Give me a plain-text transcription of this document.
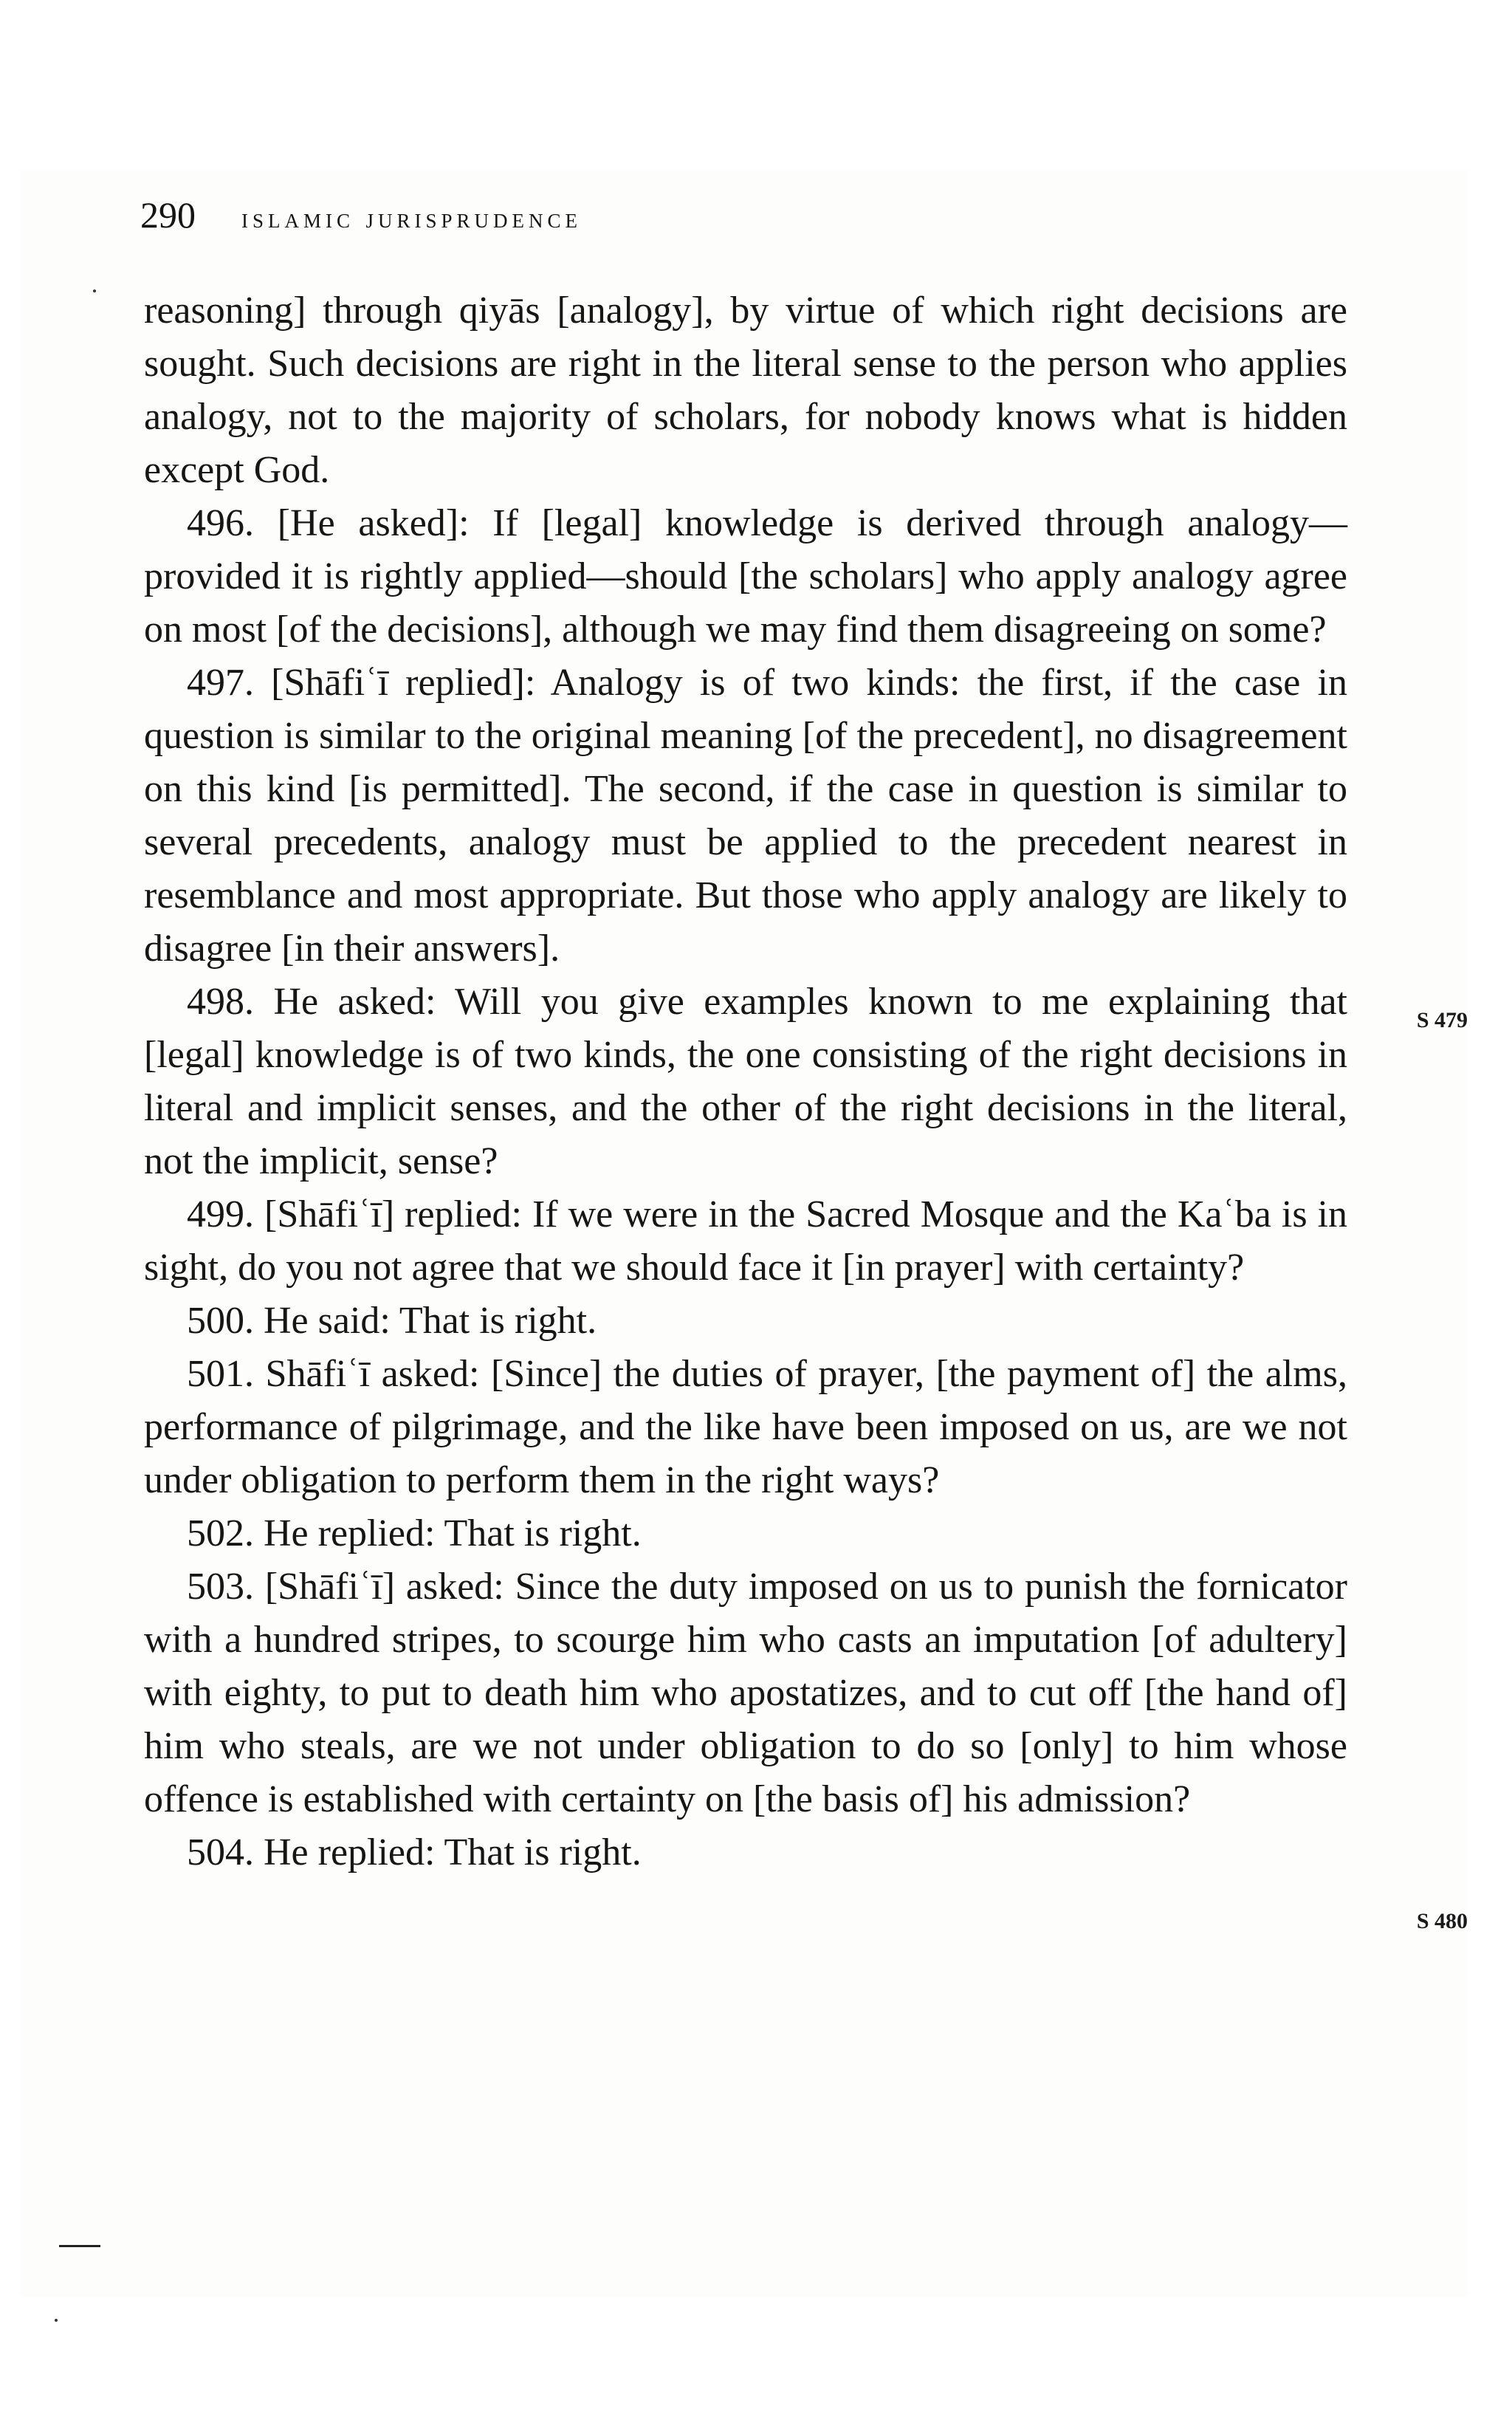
290 islamic jurisprudence

reasoning] through qiyās [analogy], by virtue of which right decisions are sought. Such decisions are right in the literal sense to the person who applies analogy, not to the majority of scholars, for nobody knows what is hidden except God.

496. [He asked]: If [legal] knowledge is derived through analogy—provided it is rightly applied—should [the scholars] who apply analogy agree on most [of the decisions], although we may find them disagreeing on some?

497. [Shāfiʿī replied]: Analogy is of two kinds: the first, if the case in question is similar to the original meaning [of the precedent], no disagreement on this kind [is permitted]. The second, if the case in question is similar to several precedents, analogy must be applied to the precedent nearest in resemblance and most appropriate. But those who apply analogy are likely to disagree [in their answers].

498. He asked: Will you give examples known to me explaining that [legal] knowledge is of two kinds, the one consisting of the right decisions in literal and implicit senses, and the other of the right decisions in the literal, not the implicit, sense?

499. [Shāfiʿī] replied: If we were in the Sacred Mosque and the Kaʿba is in sight, do you not agree that we should face it [in prayer] with certainty?

500. He said: That is right.

501. Shāfiʿī asked: [Since] the duties of prayer, [the payment of] the alms, performance of pilgrimage, and the like have been imposed on us, are we not under obligation to perform them in the right ways?

502. He replied: That is right.

503. [Shāfiʿī] asked: Since the duty imposed on us to punish the fornicator with a hundred stripes, to scourge him who casts an imputation [of adultery] with eighty, to put to death him who apostatizes, and to cut off [the hand of] him who steals, are we not under obligation to do so [only] to him whose offence is established with certainty on [the basis of] his admission?

504. He replied: That is right.

S 479
S 480
